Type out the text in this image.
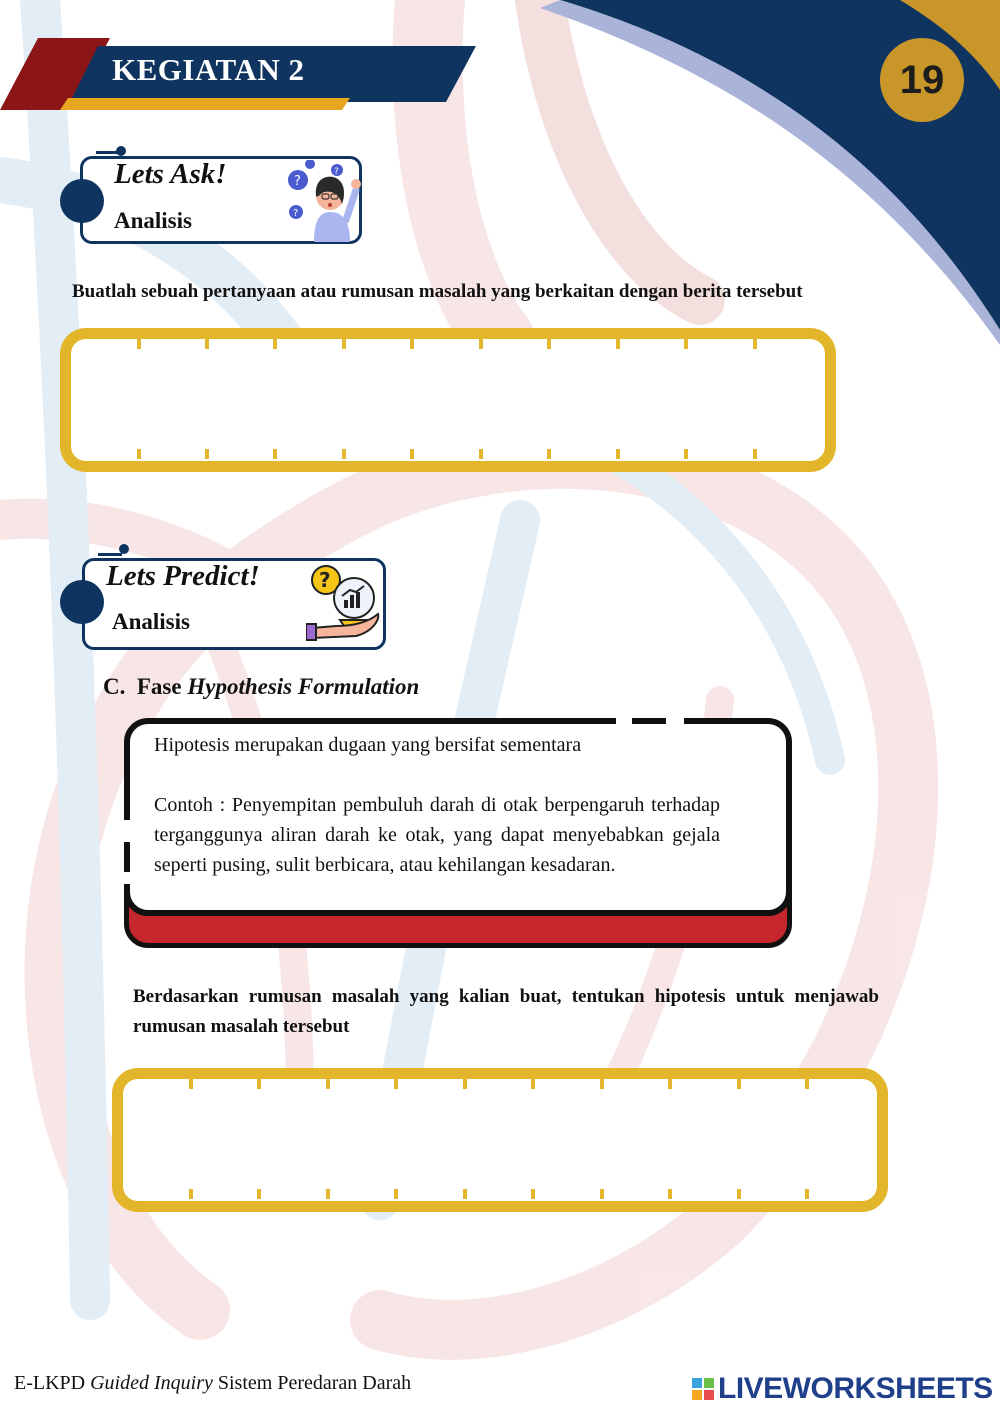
KEGIATAN 2	19
Lets Ask!
Analisis
?
?
?
Buatlah sebuah pertanyaan atau rumusan masalah yang berkaitan dengan berita tersebut
Lets Predict!
Analisis
?
C. Fase Hypothesis Formulation

Hipotesis merupakan dugaan yang bersifat sementara

Contoh : Penyempitan pembuluh darah di otak berpengaruh terhadap terganggunya aliran darah ke otak, yang dapat menyebabkan gejala seperti pusing, sulit berbicara, atau kehilangan kesadaran.

Berdasarkan rumusan masalah yang kalian buat, tentukan hipotesis untuk menjawab rumusan masalah tersebut
E-LKPD Guided Inquiry Sistem Peredaran Darah	LIVEWORKSHEETS
